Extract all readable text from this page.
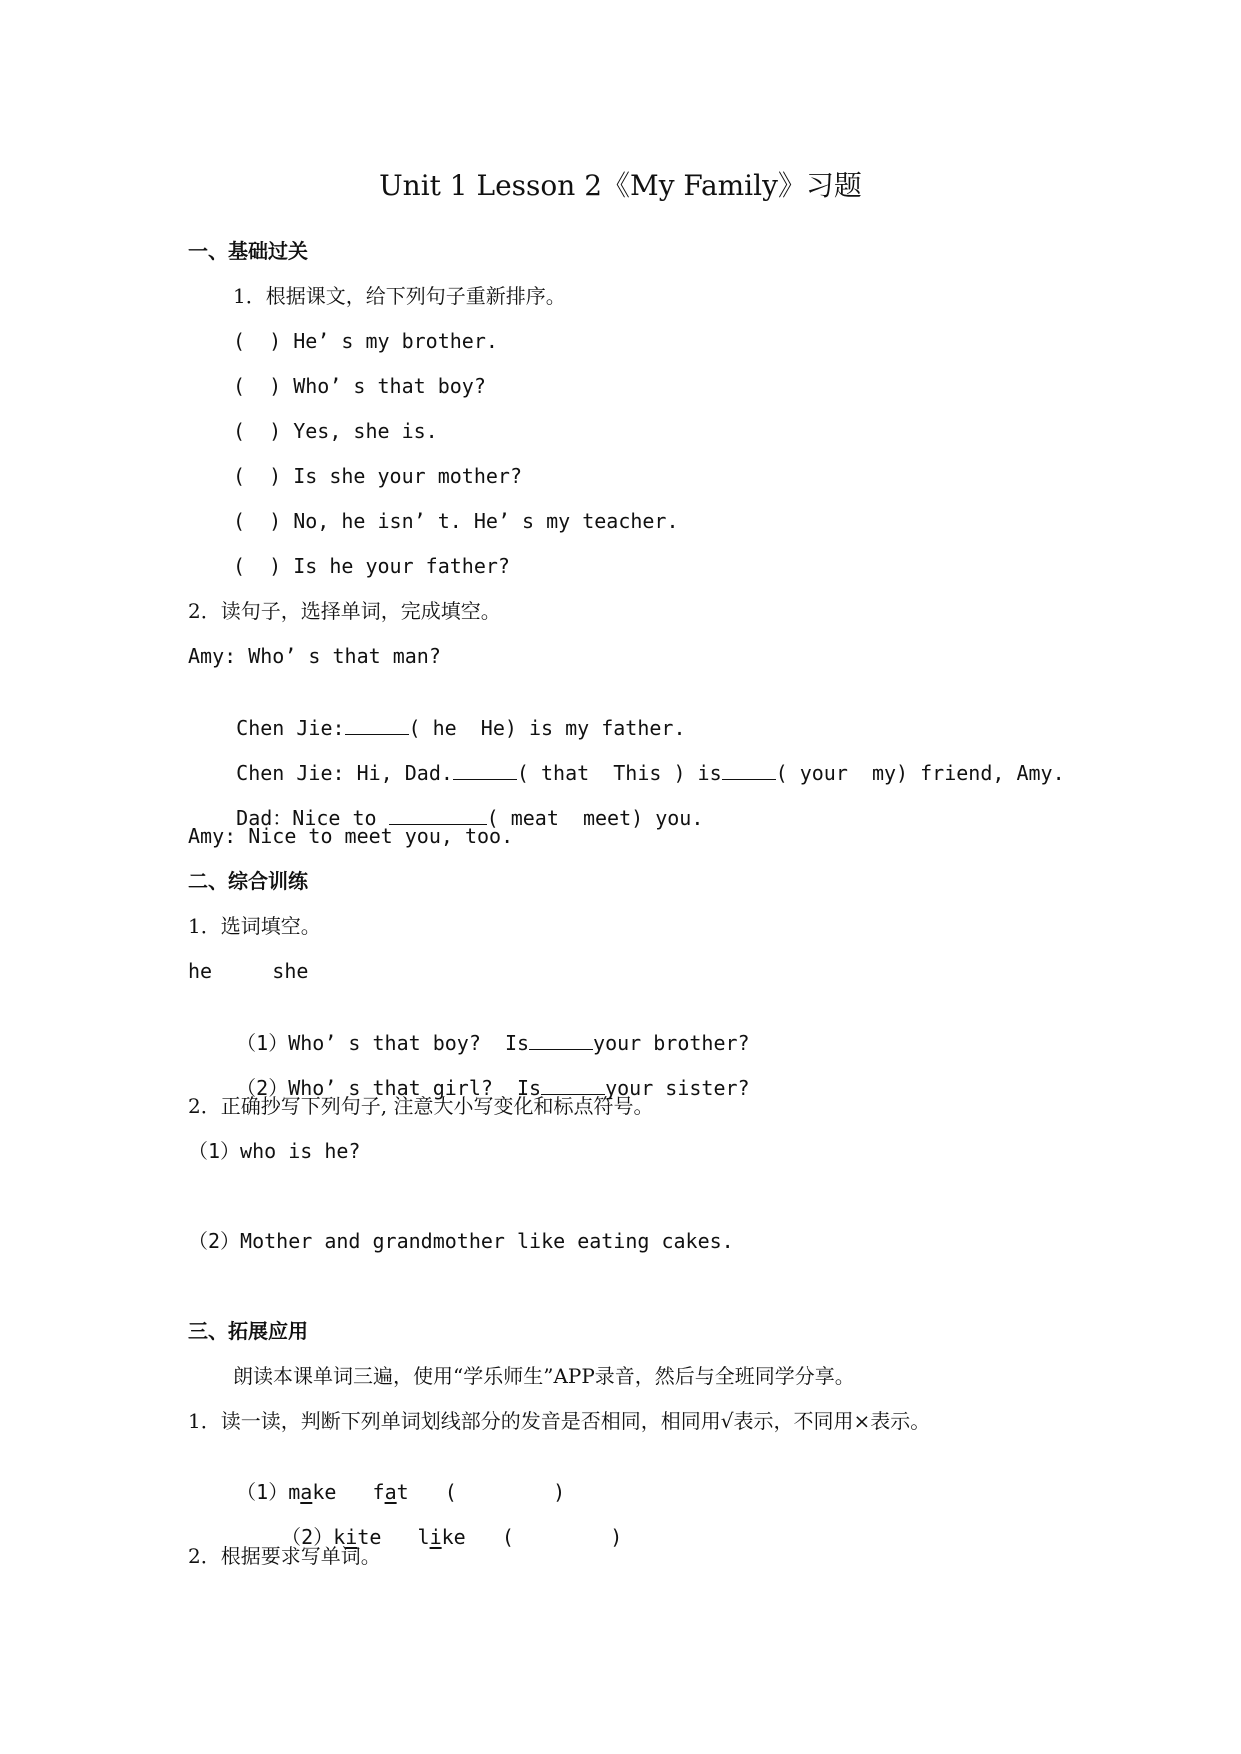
Unit 1 Lesson 2《My Family》习题
一、基础过关
1．根据课文，给下列句子重新排序。
(  ) He’ s my brother.
(  ) Who’ s that boy?
(  ) Yes, she is.
(  ) Is she your mother?
(  ) No, he isn’ t. He’ s my teacher.
(  ) Is he your father?
2．读句子，选择单词，完成填空。
Amy: Who’ s that man?

Chen Jie:	( he  He) is my father.

Chen Jie: Hi, Dad.	( that  This ) is	( your  my) friend, Amy.

Dad：Nice to	( meat  meet) you.

Amy: Nice to meet you, too.
二、综合训练
1．选词填空。
he     she

（1）Who’ s that boy?  Is	your brother?

（2）Who’ s that girl?  Is	your sister?

2．正确抄写下列句子, 注意大小写变化和标点符号。
（1）who is he?
（2）Mother and grandmother like eating cakes.
三、拓展应用
朗读本课单词三遍，使用“学乐师生”APP录音，然后与全班同学分享。
1．读一读，判断下列单词划线部分的发音是否相同，相同用√表示，不同用×表示。

（1）make fat (        )

（2）kite like (        )

2．根据要求写单词。
